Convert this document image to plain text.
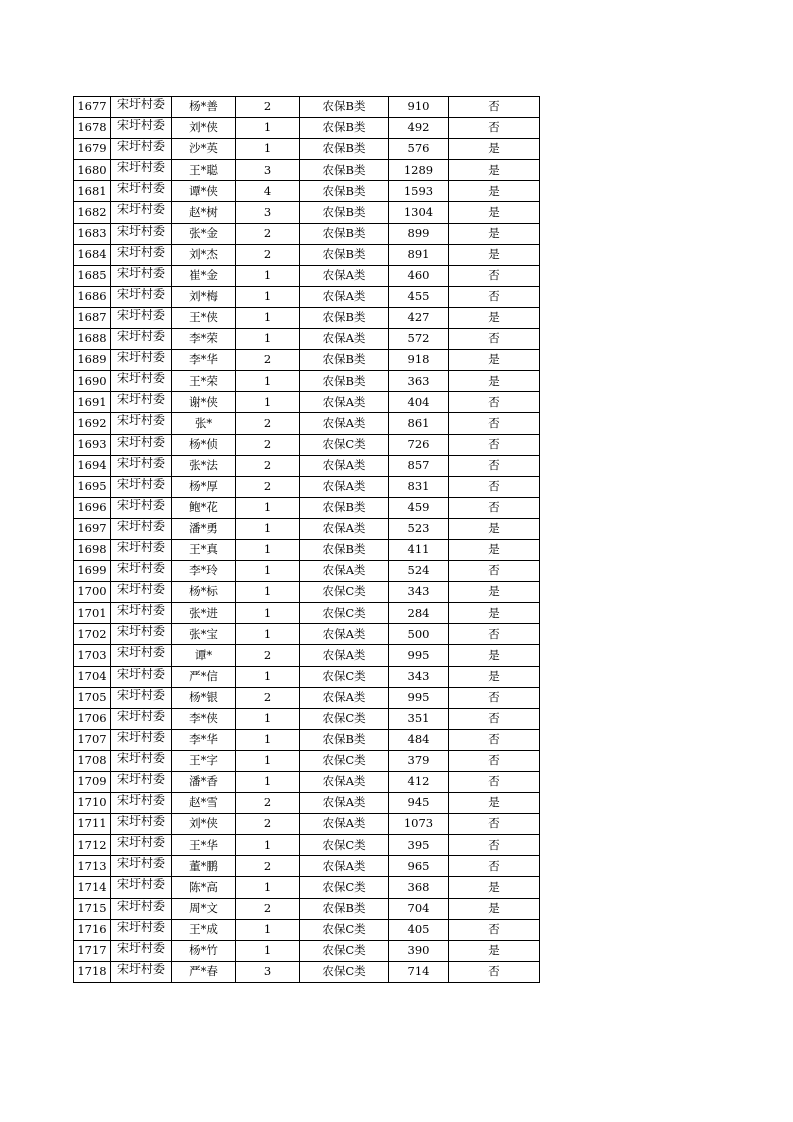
1677	宋圩村委	杨*善	2	农保B类	910	否
1678	宋圩村委	刘*侠	1	农保B类	492	否
1679	宋圩村委	沙*英	1	农保B类	576	是
1680	宋圩村委	王*聪	3	农保B类	1289	是
1681	宋圩村委	谭*侠	4	农保B类	1593	是
1682	宋圩村委	赵*树	3	农保B类	1304	是
1683	宋圩村委	张*金	2	农保B类	899	是
1684	宋圩村委	刘*杰	2	农保B类	891	是
1685	宋圩村委	崔*金	1	农保A类	460	否
1686	宋圩村委	刘*梅	1	农保A类	455	否
1687	宋圩村委	王*侠	1	农保B类	427	是
1688	宋圩村委	李*荣	1	农保A类	572	否
1689	宋圩村委	李*华	2	农保B类	918	是
1690	宋圩村委	王*荣	1	农保B类	363	是
1691	宋圩村委	谢*侠	1	农保A类	404	否
1692	宋圩村委	张*	2	农保A类	861	否
1693	宋圩村委	杨*侦	2	农保C类	726	否
1694	宋圩村委	张*法	2	农保A类	857	否
1695	宋圩村委	杨*厚	2	农保A类	831	否
1696	宋圩村委	鲍*花	1	农保B类	459	否
1697	宋圩村委	潘*勇	1	农保A类	523	是
1698	宋圩村委	王*真	1	农保B类	411	是
1699	宋圩村委	李*玲	1	农保A类	524	否
1700	宋圩村委	杨*标	1	农保C类	343	是
1701	宋圩村委	张*进	1	农保C类	284	是
1702	宋圩村委	张*宝	1	农保A类	500	否
1703	宋圩村委	谭*	2	农保A类	995	是
1704	宋圩村委	严*信	1	农保C类	343	是
1705	宋圩村委	杨*银	2	农保A类	995	否
1706	宋圩村委	李*侠	1	农保C类	351	否
1707	宋圩村委	李*华	1	农保B类	484	否
1708	宋圩村委	王*字	1	农保C类	379	否
1709	宋圩村委	潘*香	1	农保A类	412	否
1710	宋圩村委	赵*雪	2	农保A类	945	是
1711	宋圩村委	刘*侠	2	农保A类	1073	否
1712	宋圩村委	王*华	1	农保C类	395	否
1713	宋圩村委	董*鹏	2	农保A类	965	否
1714	宋圩村委	陈*高	1	农保C类	368	是
1715	宋圩村委	周*文	2	农保B类	704	是
1716	宋圩村委	王*成	1	农保C类	405	否
1717	宋圩村委	杨*竹	1	农保C类	390	是
1718	宋圩村委	严*春	3	农保C类	714	否
